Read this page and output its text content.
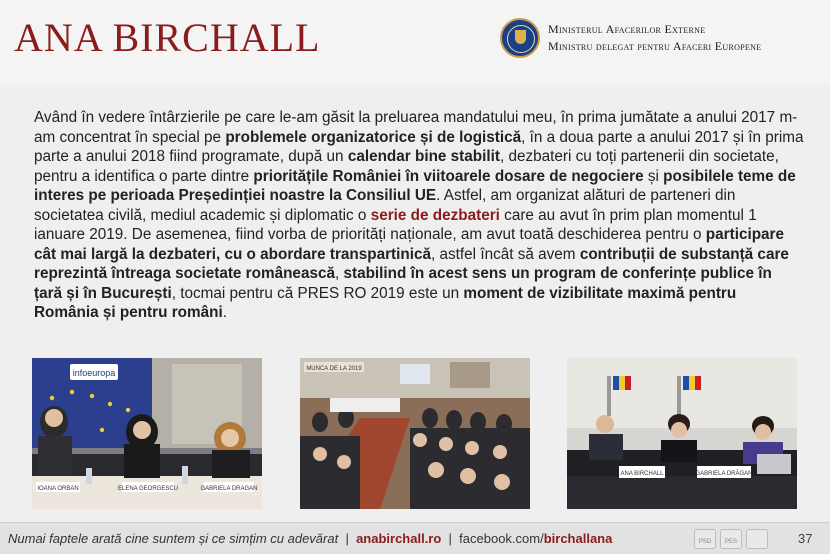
ANA BIRCHALL	Ministerul Afacerilor Externe
Ministru delegat pentru Afaceri Europene
Având în vedere întârzierile pe care le-am găsit la preluarea mandatului meu, în prima jumătate a anului 2017 m-am concentrat în special pe problemele organizatorice și de logistică, în a doua parte a anului 2017 și în prima parte a anului 2018 fiind programate, după un calendar bine stabilit, dezbateri cu toți partenerii din societate, pentru a identifica o parte dintre prioritățile României în viitoarele dosare de negociere și posibilele teme de interes pe perioada Președinției noastre la Consiliul UE. Astfel, am organizat alături de parteneri din societatea civilă, mediul academic și diplomatic o serie de dezbateri care au avut în prim plan momentul 1 ianuare 2019. De asemenea, fiind vorba de priorități naționale, am avut toată deschiderea pentru o participare cât mai largă la dezbateri, cu o abordare transpartinică, astfel încât să avem contribuții de substanță care reprezintă întreaga societate românească, stabilind în acest sens un program de conferințe publice în țară și în București, tocmai pentru că PRES RO 2019 este un moment de vizibilitate maximă pentru România și pentru români.
infoeuropa
IOANA ORBAN	ELENA GEORGESCU	GABRIELA DRAGAN
MUNCA DE LA 2019
ANA BIRCHALL	GABRIELA DRĂGAN
Numai faptele arată cine suntem și ce simțim cu adevărat | anabirchall.ro | facebook.com/birchallana	PSD PES	37
